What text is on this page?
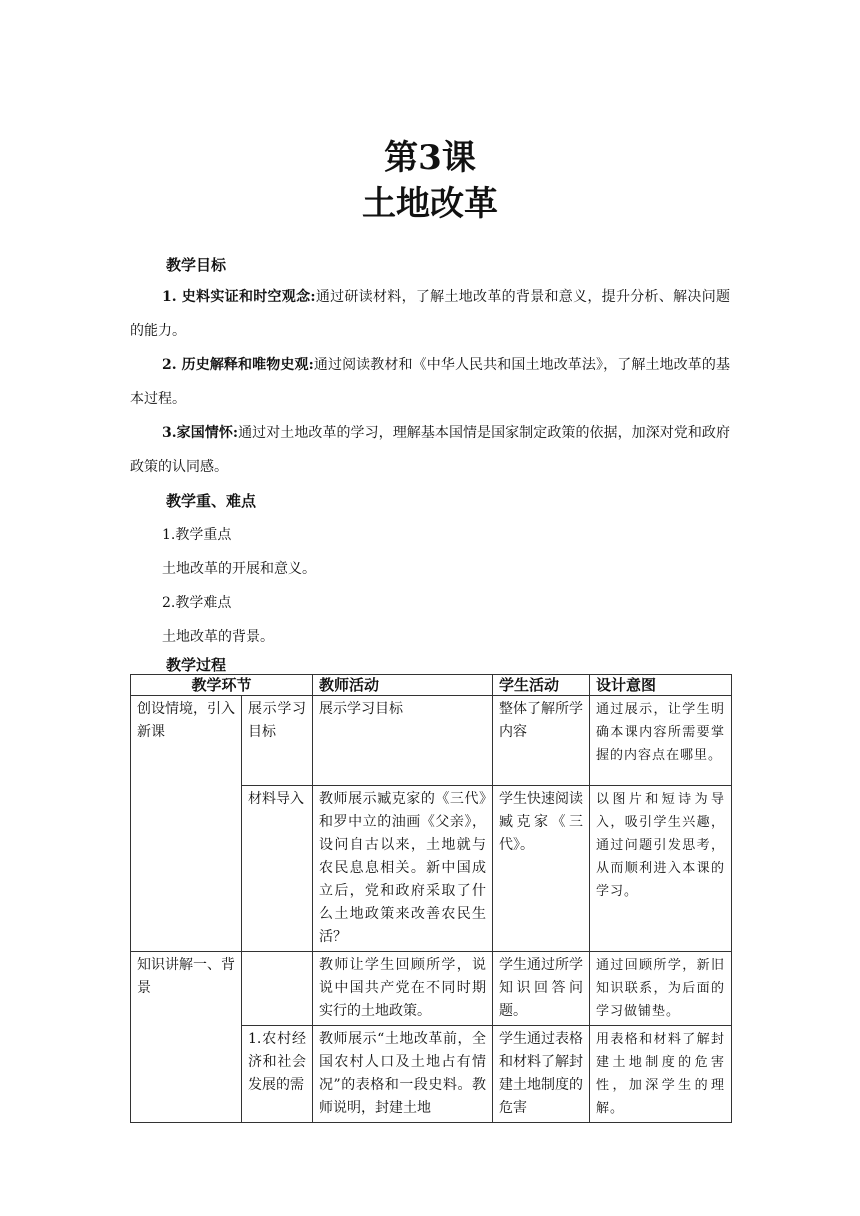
第3课
土地改革
教学目标
1. 史料实证和时空观念:通过研读材料，了解土地改革的背景和意义，提升分析、解决问题的能力。
2. 历史解释和唯物史观:通过阅读教材和《中华人民共和国土地改革法》，了解土地改革的基本过程。
3.家国情怀:通过对土地改革的学习，理解基本国情是国家制定政策的依据，加深对党和政府政策的认同感。
教学重、难点
1.教学重点
土地改革的开展和意义。
2.教学难点
土地改革的背景。
教学过程
教学环节		教师活动	学生活动	设计意图
创设情境，引入新课	展示学习目标	展示学习目标	整体了解所学内容	通过展示，让学生明确本课内容所需要掌握的内容点在哪里。
	材料导入	教师展示臧克家的《三代》和罗中立的油画《父亲》，设问自古以来，土地就与农民息息相关。新中国成立后，党和政府采取了什么土地政策来改善农民生活？	学生快速阅读臧克家《三代》。	以图片和短诗为导入，吸引学生兴趣，通过问题引发思考，从而顺利进入本课的学习。
知识讲解一、背景		教师让学生回顾所学，说说中国共产党在不同时期实行的土地政策。	学生通过所学知识回答问题。	通过回顾所学，新旧知识联系，为后面的学习做铺垫。
	1.农村经济和社会发展的需	教师展示“土地改革前，全国农村人口及土地占有情况”的表格和一段史料。教师说明，封建土地	学生通过表格和材料了解封建土地制度的危害	用表格和材料了解封建土地制度的危害性，加深学生的理解。
